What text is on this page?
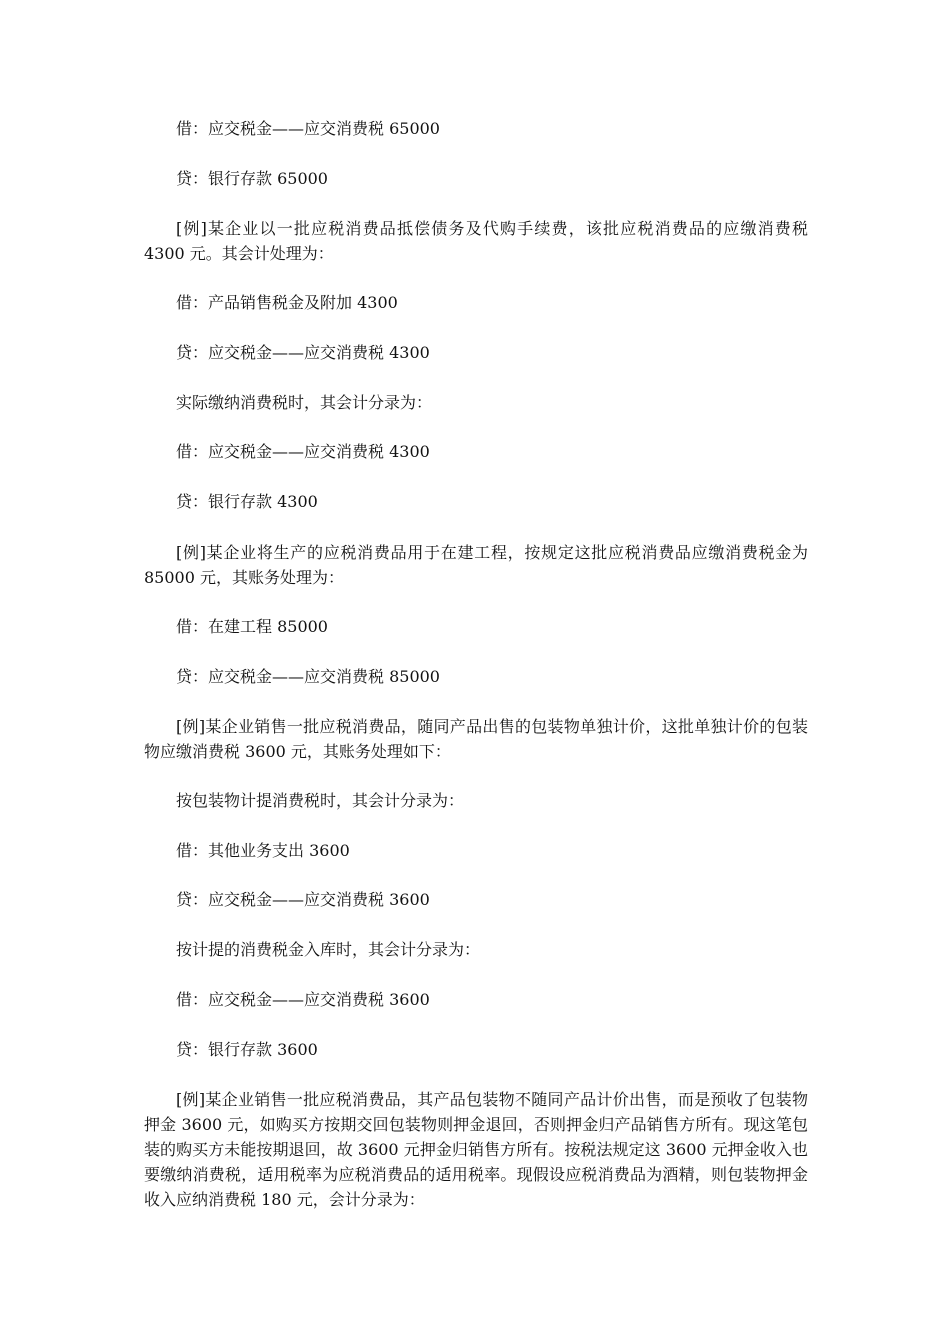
借：应交税金——应交消费税 65000
贷：银行存款 65000
[例]某企业以一批应税消费品抵偿债务及代购手续费，该批应税消费品的应缴消费税 4300 元。其会计处理为：
借：产品销售税金及附加 4300
贷：应交税金——应交消费税 4300
实际缴纳消费税时，其会计分录为：
借：应交税金——应交消费税 4300
贷：银行存款 4300
[例]某企业将生产的应税消费品用于在建工程，按规定这批应税消费品应缴消费税金为 85000 元，其账务处理为：
借：在建工程 85000
贷：应交税金——应交消费税 85000
[例]某企业销售一批应税消费品，随同产品出售的包装物单独计价，这批单独计价的包装物应缴消费税 3600 元，其账务处理如下：
按包装物计提消费税时，其会计分录为：
借：其他业务支出 3600
贷：应交税金——应交消费税 3600
按计提的消费税金入库时，其会计分录为：
借：应交税金——应交消费税 3600
贷：银行存款 3600
[例]某企业销售一批应税消费品，其产品包装物不随同产品计价出售，而是预收了包装物押金 3600 元，如购买方按期交回包装物则押金退回，否则押金归产品销售方所有。现这笔包装的购买方未能按期退回，故 3600 元押金归销售方所有。按税法规定这 3600 元押金收入也要缴纳消费税，适用税率为应税消费品的适用税率。现假设应税消费品为酒精，则包装物押金收入应纳消费税 180 元，会计分录为：
